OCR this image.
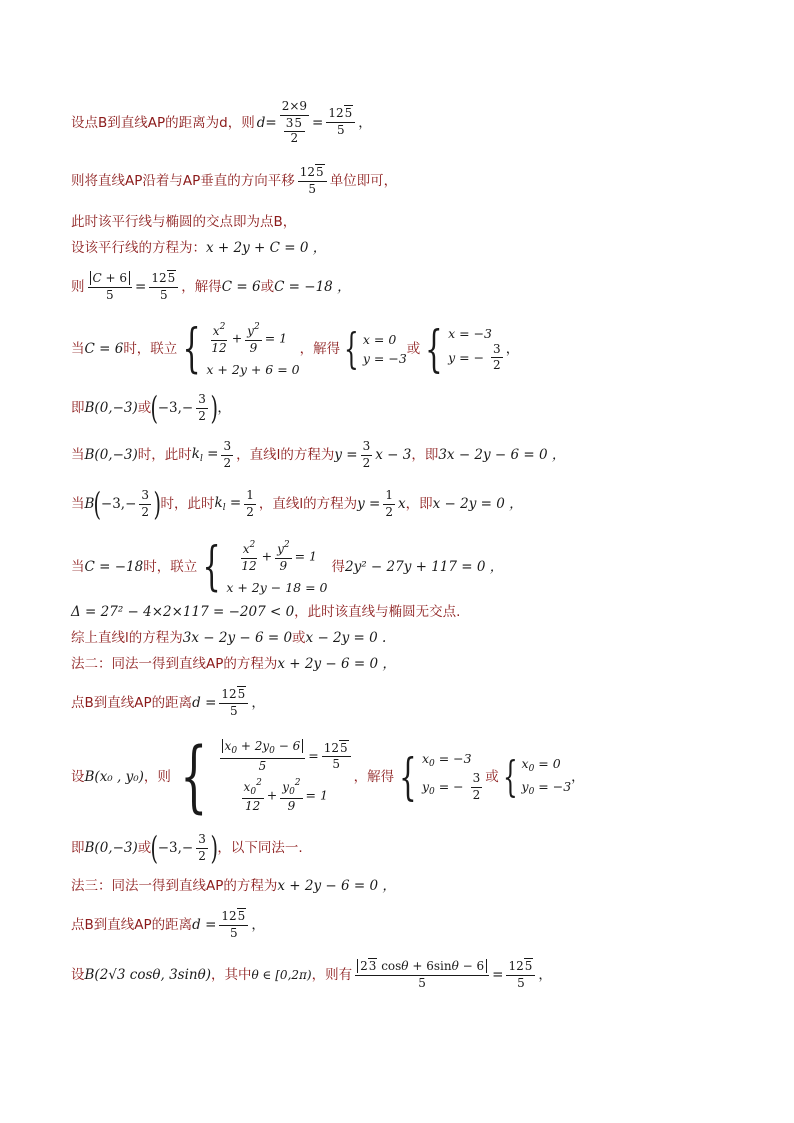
设点B到直线AP的距离为d，则 d = 2×9
35
$2 = \frac{125}{5}$ ，
则将直线AP沿着与AP垂直的方向平移
125
5 单位即可，
此时该平行线与椭圆的交点即为点B，
设该平行线的方程为： x + 2y + C = 0 ，
则 $\frac{C + 6}{5} = \frac{125}{5}$ ，解得 C = 6 或 C = −18 ，
当 C = 6 时，联立 { $\frac{x^2}{12} + \frac{y^2}{9} = 1$
x + 2y + 6 = 0
，解得 { x = 0
y = −3
或 { x = −3
y = − $\frac{3}{2}$ ，
即 B(0,−3) 或 ( $-3,- \frac{3}{2}$ ) ，
当 B(0,−3) 时，此时 $k_l = \frac{3}{2}$ ，直线l的方程为 $y = \frac{3}{2}$ x − 3 ，即 3x − 2y − 6 = 0 ，
当 B ( $-3,- \frac{3}{2}$ ) 时，此时 $k_l = \frac{1}{2}$ ，直线l的方程为 $y = \frac{1}{2}$ x ，即 x − 2y = 0 ，
当 C = −18 时，联立 { $\frac{x^2}{12} + \frac{y^2}{9} = 1$
x + 2y − 18 = 0
得 2y² − 27y + 117 = 0 ，
Δ = 27² − 4×2×117 = −207 < 0 ，此时该直线与椭圆无交点.
综上直线l的方程为 3x − 2y − 6 = 0 或 x − 2y = 0 .
法二：同法一得到直线AP的方程为 x + 2y − 6 = 0 ，
点B到直线AP的距离 $d = \frac{125}{5}$ ，
设 B(x₀ , y₀) ，则 { $\frac{x_0 + 2y_0 - 6}{5} = \frac{125}{5}$
$\frac{x_0^2}{12} + \frac{y_0^2}{9} = 1$
，解得 { $x_0 = -3$
$y_0$ = − $\frac{3}{2}$ 或 { $x_0 = 0$
$y_0 = -3$
，
即 B(0,−3) 或 ( $-3,- \frac{3}{2}$ ) ，以下同法一.
法三：同法一得到直线AP的方程为 x + 2y − 6 = 0 ，
点B到直线AP的距离 $d = \frac{125}{5}$ ，
设 B(2√3 cosθ, 3sinθ) ，其中 θ ∈ [0,2π) ，则有 $\frac{23 \cos\theta + 6\sin\theta - 6}{5} = \frac{125}{5}$ ，
